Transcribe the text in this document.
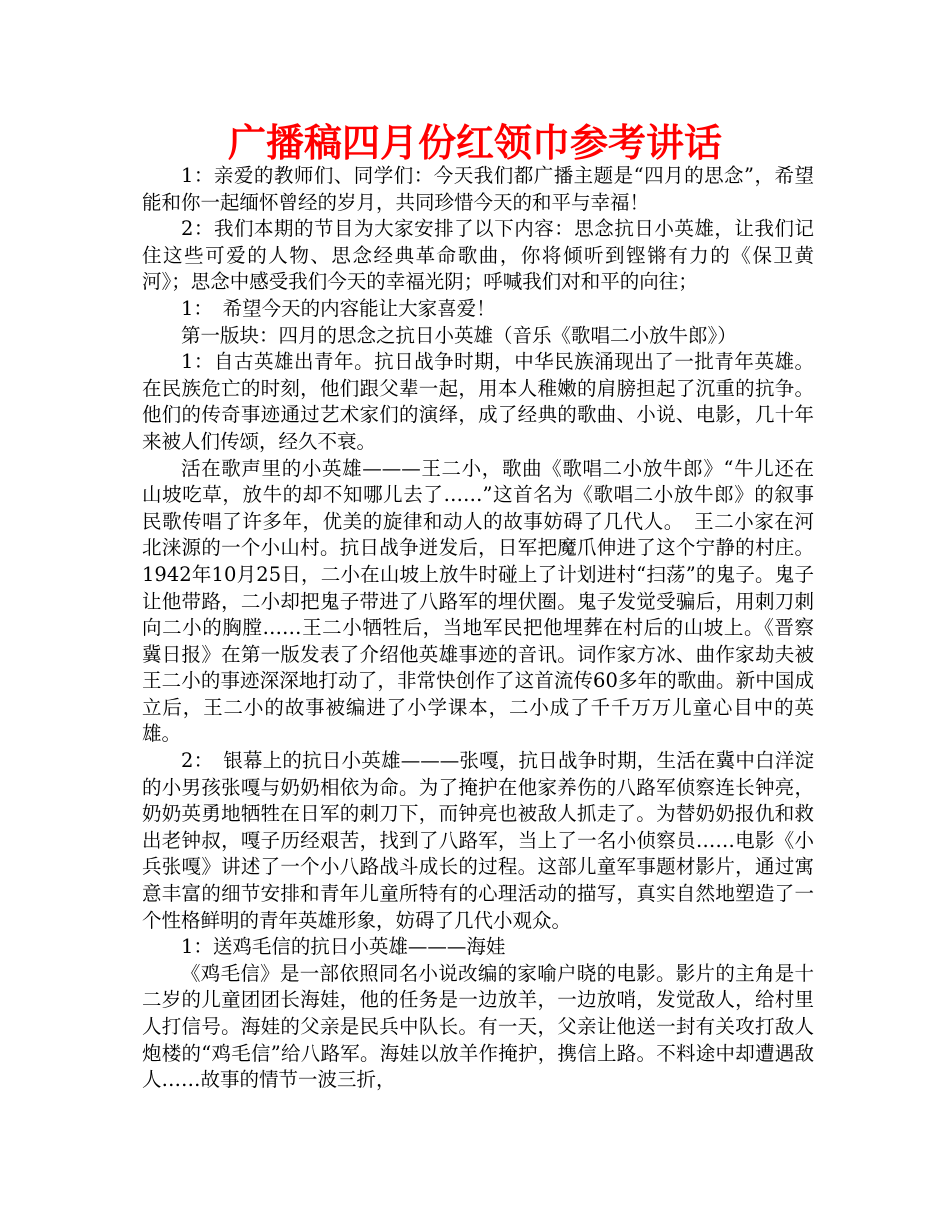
广播稿四月份红领巾参考讲话

1：亲爱的教师们、同学们：今天我们都广播主题是“四月的思念”，希望能和你一起缅怀曾经的岁月，共同珍惜今天的和平与幸福！

2：我们本期的节目为大家安排了以下内容：思念抗日小英雄，让我们记住这些可爱的人物、思念经典革命歌曲，你将倾听到铿锵有力的《保卫黄河》；思念中感受我们今天的幸福光阴；呼喊我们对和平的向往；

1：　希望今天的内容能让大家喜爱！

第一版块：四月的思念之抗日小英雄（音乐《歌唱二小放牛郎》）

1：自古英雄出青年。抗日战争时期，中华民族涌现出了一批青年英雄。在民族危亡的时刻，他们跟父辈一起，用本人稚嫩的肩膀担起了沉重的抗争。他们的传奇事迹通过艺术家们的演绎，成了经典的歌曲、小说、电影，几十年来被人们传颂，经久不衰。

活在歌声里的小英雄———王二小，歌曲《歌唱二小放牛郎》“牛儿还在山坡吃草，放牛的却不知哪儿去了……”这首名为《歌唱二小放牛郎》的叙事民歌传唱了许多年，优美的旋律和动人的故事妨碍了几代人。　王二小家在河北涞源的一个小山村。抗日战争迸发后，日军把魔爪伸进了这个宁静的村庄。1942年10月25日，二小在山坡上放牛时碰上了计划进村“扫荡”的鬼子。鬼子让他带路，二小却把鬼子带进了八路军的埋伏圈。鬼子发觉受骗后，用刺刀刺向二小的胸膛……王二小牺牲后，当地军民把他埋葬在村后的山坡上。《晋察冀日报》在第一版发表了介绍他英雄事迹的音讯。词作家方冰、曲作家劫夫被王二小的事迹深深地打动了，非常快创作了这首流传60多年的歌曲。新中国成立后，王二小的故事被编进了小学课本，二小成了千千万万儿童心目中的英雄。

2：　银幕上的抗日小英雄———张嘎，抗日战争时期，生活在冀中白洋淀的小男孩张嘎与奶奶相依为命。为了掩护在他家养伤的八路军侦察连长钟亮，奶奶英勇地牺牲在日军的刺刀下，而钟亮也被敌人抓走了。为替奶奶报仇和救出老钟叔，嘎子历经艰苦，找到了八路军，当上了一名小侦察员……电影《小兵张嘎》讲述了一个小八路战斗成长的过程。这部儿童军事题材影片，通过寓意丰富的细节安排和青年儿童所特有的心理活动的描写，真实自然地塑造了一个性格鲜明的青年英雄形象，妨碍了几代小观众。

1：送鸡毛信的抗日小英雄———海娃

《鸡毛信》是一部依照同名小说改编的家喻户晓的电影。影片的主角是十二岁的儿童团团长海娃，他的任务是一边放羊，一边放哨，发觉敌人，给村里人打信号。海娃的父亲是民兵中队长。有一天，父亲让他送一封有关攻打敌人炮楼的“鸡毛信”给八路军。海娃以放羊作掩护，携信上路。不料途中却遭遇敌人……故事的情节一波三折，
